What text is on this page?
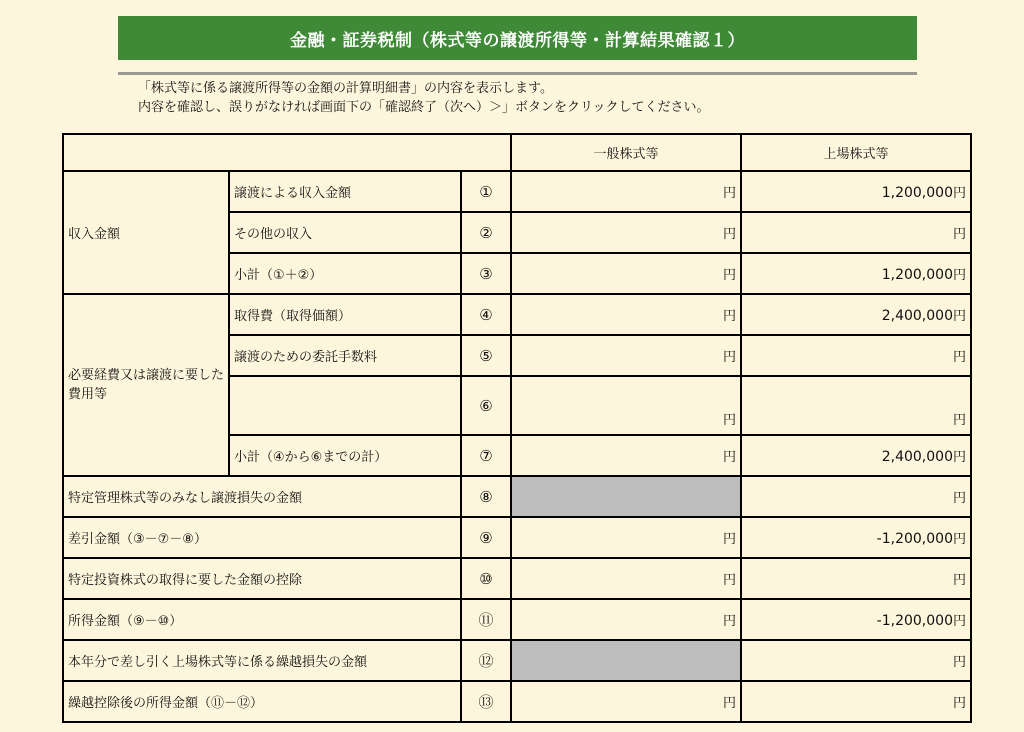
金融・証券税制（株式等の譲渡所得等・計算結果確認１）
「株式等に係る譲渡所得等の金額の計算明細書」の内容を表示します。
内容を確認し、誤りがなければ画面下の「確認終了（次へ）＞」ボタンをクリックしてください。
			一般株式等	上場株式等
収入金額	譲渡による収入金額	①	円	1,200,000円
	その他の収入	②	円	円
	小計（①＋②）	③	円	1,200,000円
必要経費又は譲渡に要した費用等	取得費（取得価額）	④	円	2,400,000円
	譲渡のための委託手数料	⑤	円	円
		⑥	円	円
	小計（④から⑥までの計）	⑦	円	2,400,000円
特定管理株式等のみなし譲渡損失の金額		⑧		円
差引金額（③－⑦－⑧）		⑨	円	-1,200,000円
特定投資株式の取得に要した金額の控除		⑩	円	円
所得金額（⑨－⑩）		⑪	円	-1,200,000円
本年分で差し引く上場株式等に係る繰越損失の金額		⑫		円
繰越控除後の所得金額（⑪－⑫）		⑬	円	円
